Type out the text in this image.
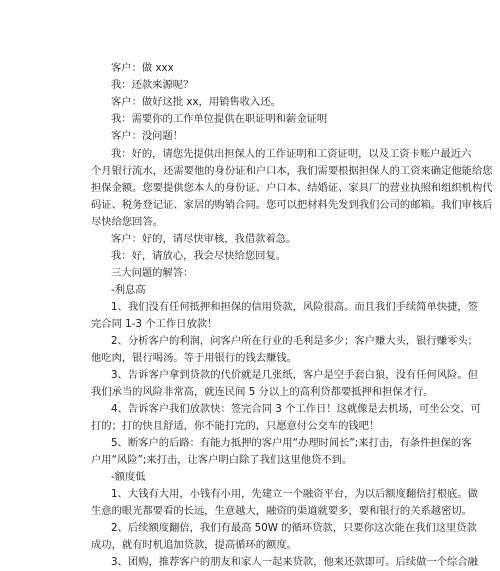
客户：做 xxx
我：还款来源呢？
客户：做好这批 xx，用销售收入还。
我：需要你的工作单位提供在职证明和薪金证明
客户：没问题！
我：好的，请您先提供出担保人的工作证明和工资证明，以及工资卡账户最近六
个月银行流水，还需要他的身份证和户口本，我们需要根据担保人的工资来确定他能给您
担保金额。您要提供您本人的身份证、户口本、结婚证、家具厂的营业执照和组织机构代
码证、税务登记证、家居的购销合同。您可以把材料先发到我们公司的邮箱。我们审核后
尽快给您回答。
客户：好的，请尽快审核，我借款着急。
我：好，请放心，我会尽快给您回复。
三大问题的解答：
-利息高
1、我们没有任何抵押和担保的信用贷款，风险很高。而且我们手续简单快捷，签
完合同 1-3 个工作日放款！
2、分析客户的利润，问客户所在行业的毛利是多少；客户赚大头，银行赚零头；
他吃肉，银行喝汤。等于用银行的钱去赚钱。
3、告诉客户拿到贷款的代价就是几张纸，客户是空手套白狼，没有任何风险。但
我们承当的风险非常高，就连民间 5 分以上的高利贷都要抵押和担保才行。
4、告诉客户我们放款快：签完合同 3 个工作日！这就像是去机场，可坐公交、可
打的；打的快且舒适，你不能打完的，只愿意付公交车的钱吧！
5、断客户的后路：有能力抵押的客户用“办理时间长”;来打击，有条件担保的客
户用“风险”;来打击，让客户明白除了我们这里他贷不到。
-额度低
1、大钱有大用，小钱有小用，先建立一个融资平台，为以后额度翻倍打根底。做
生意的眼光都要看的长远，生意越大，融资的渠道就要多，要和银行的关系越密切。
2、后续额度翻倍，我们有最高 50W 的循环贷款，只要你这次能在我们这里贷款
成功，就有时机追加贷款，提高循环的额度。
3、团购，推荐客户的朋友和家人一起来贷款，他来还款即可。后续做一个综合融
